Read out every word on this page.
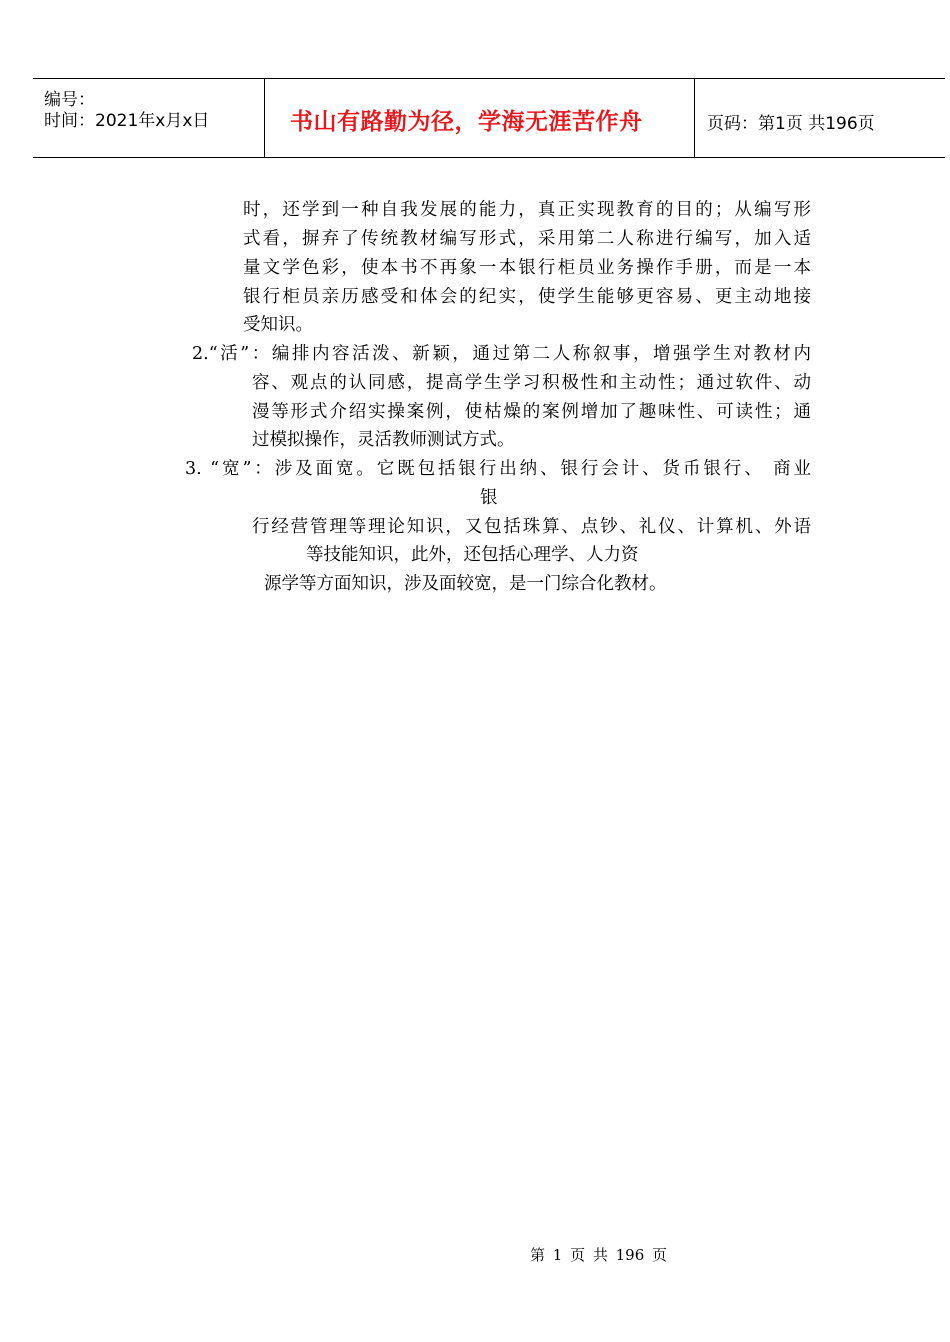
编号：
时间：2021年x月x日	书山有路勤为径，学海无涯苦作舟	页码：第1页 共196页
时，还学到一种自我发展的能力，真正实现教育的目的；从编写形
式看，摒弃了传统教材编写形式，采用第二人称进行编写，加入适
量文学色彩，使本书不再象一本银行柜员业务操作手册，而是一本
银行柜员亲历感受和体会的纪实，使学生能够更容易、更主动地接
受知识。
2.“活”：编排内容活泼、新颖，通过第二人称叙事，增强学生对教材内
容、观点的认同感，提高学生学习积极性和主动性；通过软件、动
漫等形式介绍实操案例，使枯燥的案例增加了趣味性、可读性；通
过模拟操作，灵活教师测试方式。
3. “宽”：涉及面宽。它既包括银行出纳、银行会计、货币银行、 商业
银
行经营管理等理论知识，又包括珠算、点钞、礼仪、计算机、外语
等技能知识，此外，还包括心理学、人力资
源学等方面知识，涉及面较宽，是一门综合化教材。
第 1 页 共 196 页
